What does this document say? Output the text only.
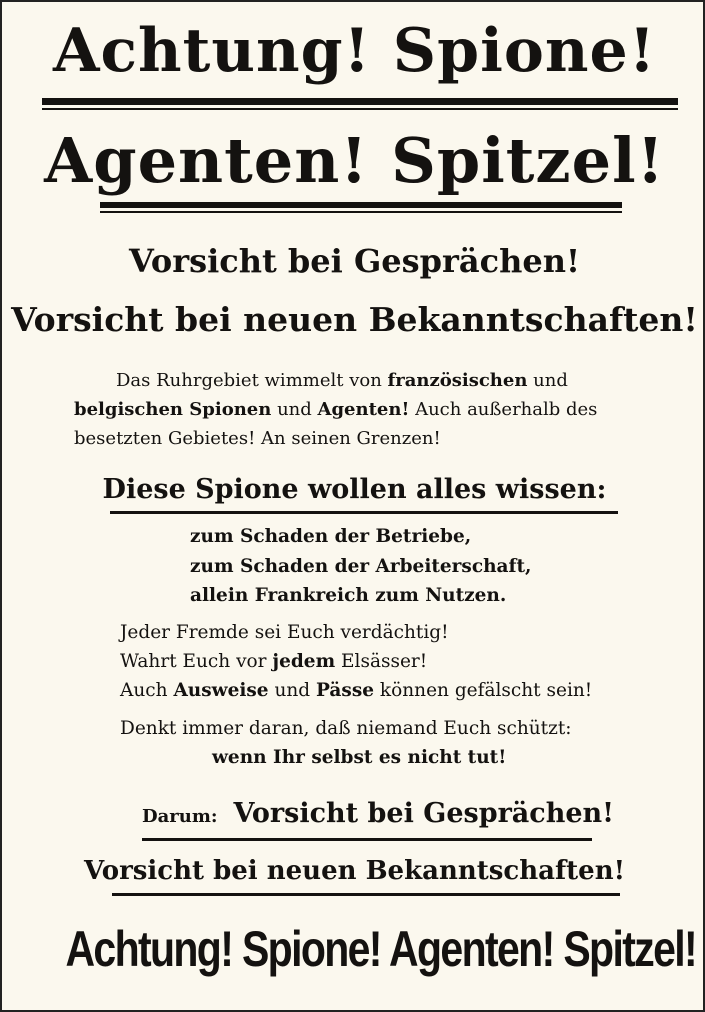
Achtung! Spione!
Agenten! Spitzel!
Vorsicht bei Gesprächen!
Vorsicht bei neuen Bekanntschaften!
Das Ruhrgebiet wimmelt von französischen und
belgischen Spionen und Agenten! Auch außerhalb des
besetzten Gebietes! An seinen Grenzen!
Diese Spione wollen alles wissen:
zum Schaden der Betriebe,
zum Schaden der Arbeiterschaft,
allein Frankreich zum Nutzen.
Jeder Fremde sei Euch verdächtig!
Wahrt Euch vor jedem Elsässer!
Auch Ausweise und Pässe können gefälscht sein!
Denkt immer daran, daß niemand Euch schützt:
wenn Ihr selbst es nicht tut!
Darum: Vorsicht bei Gesprächen!
Vorsicht bei neuen Bekanntschaften!
Achtung! Spione! Agenten! Spitzel!
